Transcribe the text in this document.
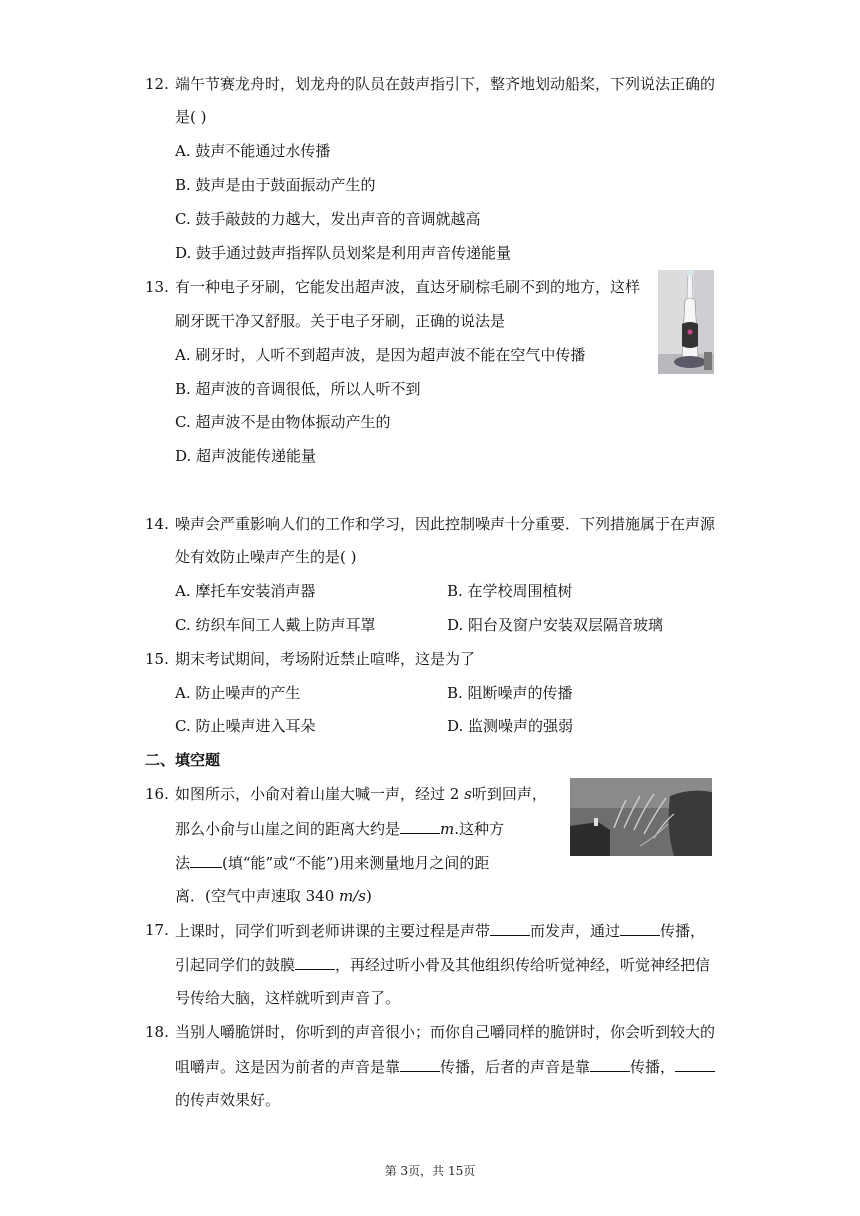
12. 端午节赛龙舟时，划龙舟的队员在鼓声指引下，整齐地划动船桨，下列说法正确的
是( )
A. 鼓声不能通过水传播
B. 鼓声是由于鼓面振动产生的
C. 鼓手敲鼓的力越大，发出声音的音调就越高
D. 鼓手通过鼓声指挥队员划桨是利用声音传递能量
13. 有一种电子牙刷，它能发出超声波，直达牙刷棕毛刷不到的地方，这样
刷牙既干净又舒服。关于电子牙刷，正确的说法是
A. 刷牙时，人听不到超声波，是因为超声波不能在空气中传播
B. 超声波的音调很低，所以人听不到
C. 超声波不是由物体振动产生的
D. 超声波能传递能量
14. 噪声会严重影响人们的工作和学习，因此控制噪声十分重要．下列措施属于在声源
处有效防止噪声产生的是( )
A. 摩托车安装消声器	B. 在学校周围植树
C. 纺织车间工人戴上防声耳罩	D. 阳台及窗户安装双层隔音玻璃
15. 期末考试期间，考场附近禁止喧哗，这是为了
A. 防止噪声的产生	B. 阻断噪声的传播
C. 防止噪声进入耳朵	D. 监测噪声的强弱
二、填空题
16. 如图所示，小俞对着山崖大喊一声，经过 2 s听到回声，
那么小俞与山崖之间的距离大约是	m.这种方
法 (填“能”或“不能”)用来测量地月之间的距
离．(空气中声速取 340 m/s)
17. 上课时，同学们听到老师讲课的主要过程是声带	而发声，通过	传播，
引起同学们的鼓膜	，再经过听小骨及其他组织传给听觉神经，听觉神经把信
号传给大脑，这样就听到声音了。
18. 当别人嚼脆饼时，你听到的声音很小；而你自己嚼同样的脆饼时，你会听到较大的
咀嚼声。这是因为前者的声音是靠	传播，后者的声音是靠	传播，
的传声效果好。
第 3页，共 15页
